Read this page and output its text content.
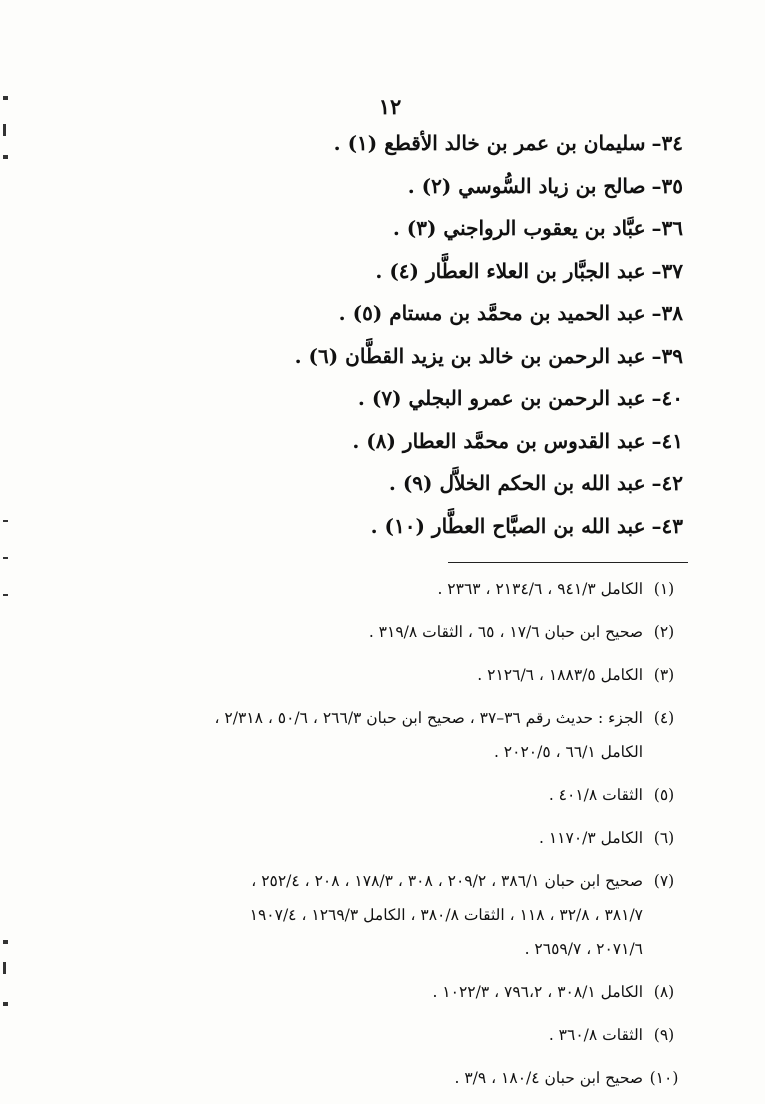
١٢
٣٤–سليمان بن عمر بن خالد الأقطع (١) .
٣٥–صالح بن زياد السُّوسي (٢) .
٣٦–عبَّاد بن يعقوب الرواجني (٣) .
٣٧–عبد الجبَّار بن العلاء العطَّار (٤) .
٣٨–عبد الحميد بن محمَّد بن مستام (٥) .
٣٩–عبد الرحمن بن خالد بن يزيد القطَّان (٦) .
٤٠–عبد الرحمن بن عمرو البجلي (٧) .
٤١–عبد القدوس بن محمَّد العطار (٨) .
٤٢–عبد الله بن الحكم الخلاَّل (٩) .
٤٣–عبد الله بن الصبَّاح العطَّار (١٠) .
(١)
الكامل ٩٤١/٣ ، ٢١٣٤/٦ ، ٢٣٦٣ .
(٢)
صحيح ابن حبان ١٧/٦ ، ٦٥ ، الثقات ٣١٩/٨ .
(٣)
الكامل ١٨٨٣/٥ ، ٢١٢٦/٦ .
(٤)
الجزء : حديث رقم ٣٦–٣٧ ، صحيح ابن حبان ٢٦٦/٣ ، ٥٠/٦ ، ٢/٣١٨ ،
الكامل ٦٦/١ ، ٢٠٢٠/٥ .
(٥)
الثقات ٤٠١/٨ .
(٦)
الكامل ١١٧٠/٣ .
(٧)
صحيح ابن حبان ٣٨٦/١ ، ٢٠٩/٢ ، ٣٠٨ ، ١٧٨/٣ ، ٢٠٨ ، ٢٥٢/٤ ،
٣٨١/٧ ، ٣٢/٨ ، ١١٨ ، الثقات ٣٨٠/٨ ، الكامل ١٢٦٩/٣ ، ١٩٠٧/٤
٢٠٧١/٦ ، ٢٦٥٩/٧ .
(٨)
الكامل ٣٠٨/١ ، ٧٩٦،٢ ، ١٠٢٢/٣ .
(٩)
الثقات ٣٦٠/٨ .
(١٠)
صحيح ابن حبان ١٨٠/٤ ، ٣/٩ .
